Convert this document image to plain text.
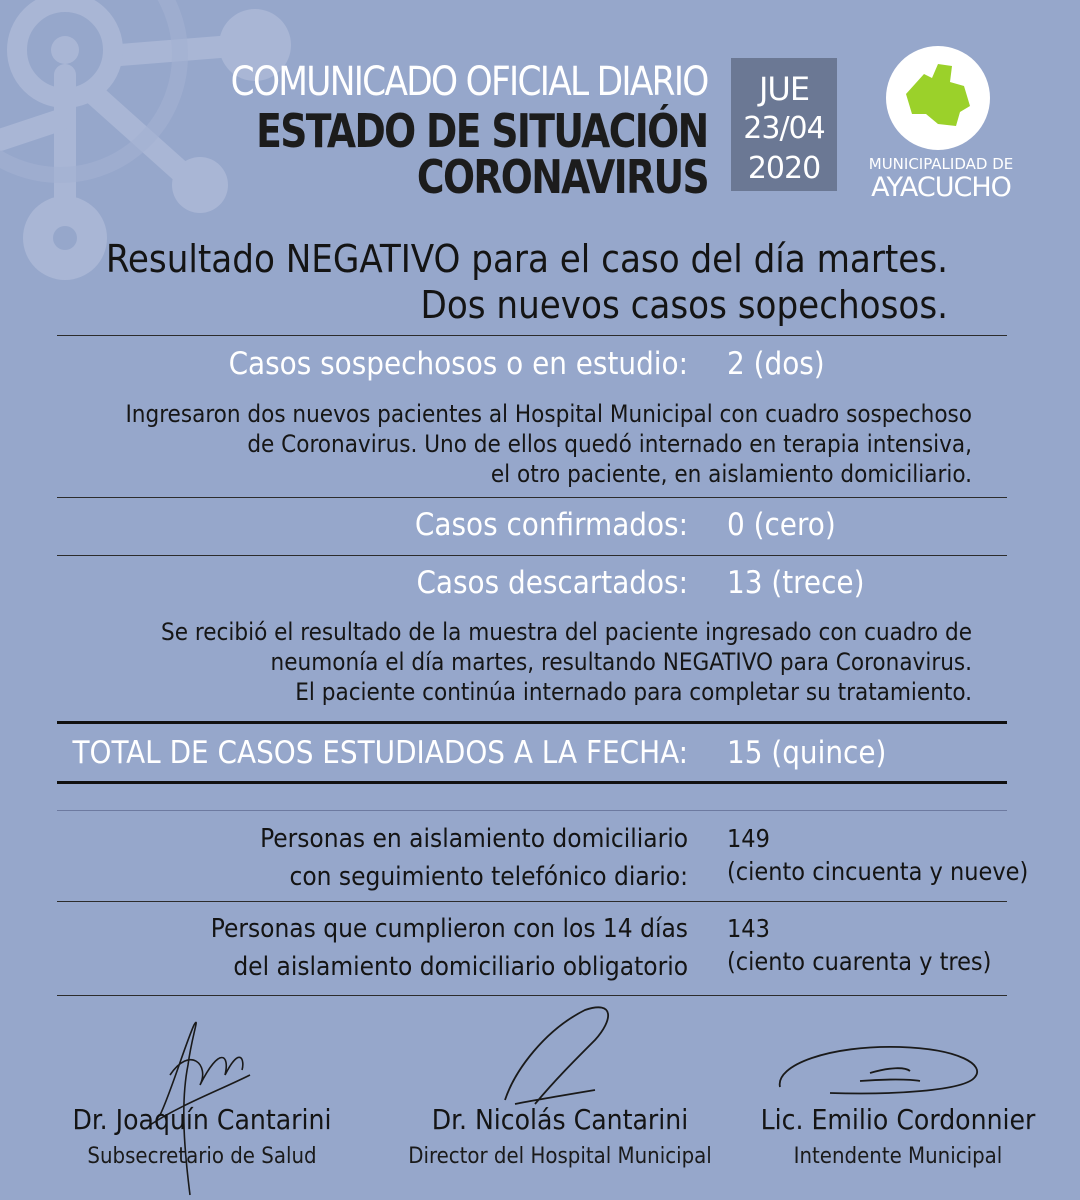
COMUNICADO OFICIAL DIARIO

ESTADO DE SITUACIÓN

CORONAVIRUS

JUE
23/04
2020	MUNICIPALIDAD DE
AYACUCHO

Resultado NEGATIVO para el caso del día martes.

Dos nuevos casos sopechosos.

Casos sospechosos o en estudio: 2 (dos)

Ingresaron dos nuevos pacientes al Hospital Municipal con cuadro sospechoso
de Coronavirus. Uno de ellos quedó internado en terapia intensiva,
el otro paciente, en aislamiento domiciliario.

Casos confirmados: 0 (cero)

Casos descartados: 13 (trece)

Se recibió el resultado de la muestra del paciente ingresado con cuadro de
neumonía el día martes, resultando NEGATIVO para Coronavirus.
El paciente continúa internado para completar su tratamiento.

TOTAL DE CASOS ESTUDIADOS A LA FECHA: 15 (quince)

Personas en aislamiento domiciliario
con seguimiento telefónico diario:

149
(ciento cincuenta y nueve)

Personas que cumplieron con los 14 días
del aislamiento domiciliario obligatorio

143
(ciento cuarenta y tres)

Dr. Joaquín Cantarini
Subsecretario de Salud
Dr. Nicolás Cantarini
Director del Hospital Municipal
Lic. Emilio Cordonnier
Intendente Municipal
